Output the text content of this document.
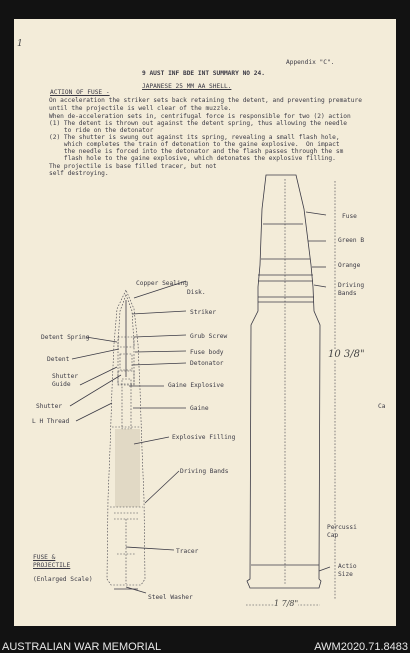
1
Appendix "C".
9 AUST INF BDE INT SUMMARY NO 24.
JAPANESE 25 MM AA SHELL.
ACTION OF FUSE -
On acceleration the striker sets back retaining the detent, and preventing premature
until the projectile is well clear of the muzzle.
When de-acceleration sets in, centrifugal force is responsible for two (2) action
(1) The detent is thrown out against the detent spring, thus allowing the needle
to ride on the detonator
(2) The shutter is swung out against its spring, revealing a small flash hole,
which completes the train of detonation to the gaine explosive.  On impact
the needle is forced into the detonator and the flash passes through the sm
flash hole to the gaine explosive, which detonates the explosive filling.
The projectile is base filled tracer, but not
self destroying.
Copper Sealing
Disk.
Striker
Grub Screw
Detent Spring
Fuse body
Detent
Detonator
Shutter
Guide	Gaine Explosive
Shutter	Gaine
L H Thread
Explosive Filling
Driving Bands
Tracer
Steel Washer
FUSE &
PROJECTILE
(Enlarged Scale)
Fuse
Green B
Orange
Driving
Bands
Ca
Percussi
Cap
Actio
Size
10 3/8"
1 7/8"
AUSTRALIAN WAR MEMORIAL	AWM2020.71.8483
